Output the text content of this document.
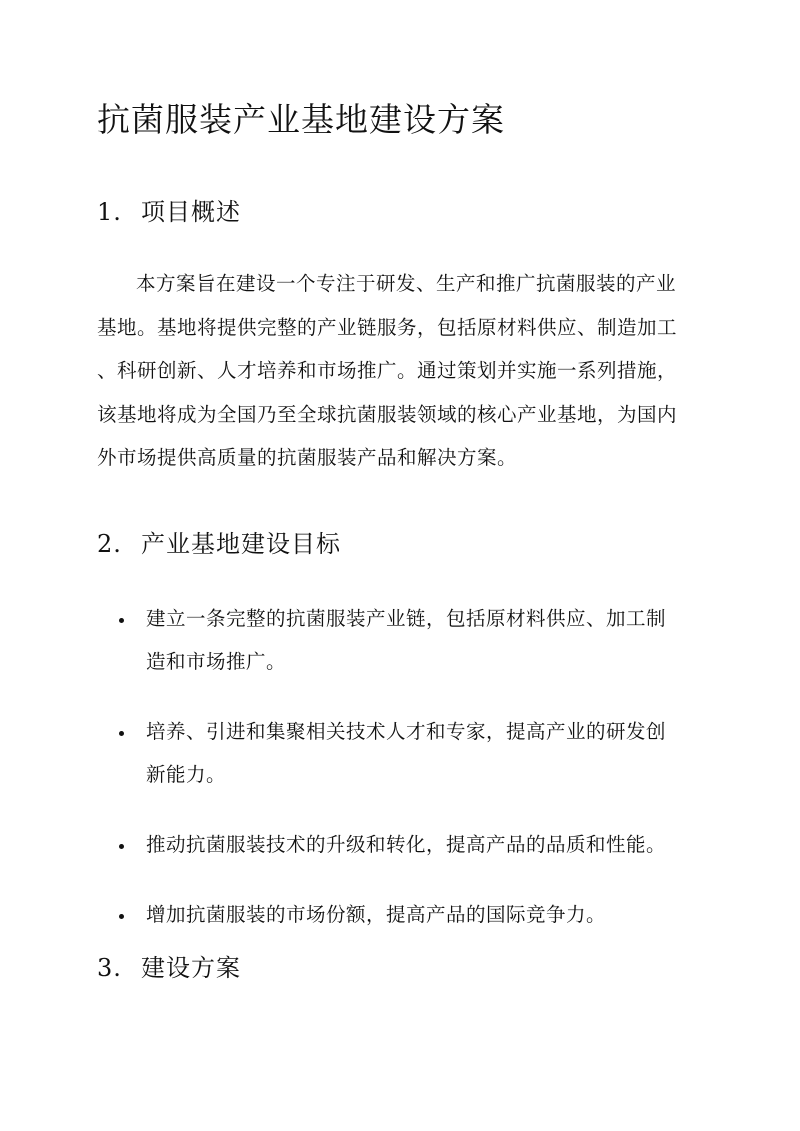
抗菌服装产业基地建设方案
1. 项目概述
本方案旨在建设一个专注于研发、生产和推广抗菌服装的产业
基地。基地将提供完整的产业链服务，包括原材料供应、制造加工
、科研创新、人才培养和市场推广。通过策划并实施一系列措施，
该基地将成为全国乃至全球抗菌服装领域的核心产业基地，为国内
外市场提供高质量的抗菌服装产品和解决方案。
2. 产业基地建设目标
建立一条完整的抗菌服装产业链，包括原材料供应、加工制
造和市场推广。
培养、引进和集聚相关技术人才和专家，提高产业的研发创
新能力。
推动抗菌服装技术的升级和转化，提高产品的品质和性能。
增加抗菌服装的市场份额，提高产品的国际竞争力。
3. 建设方案
